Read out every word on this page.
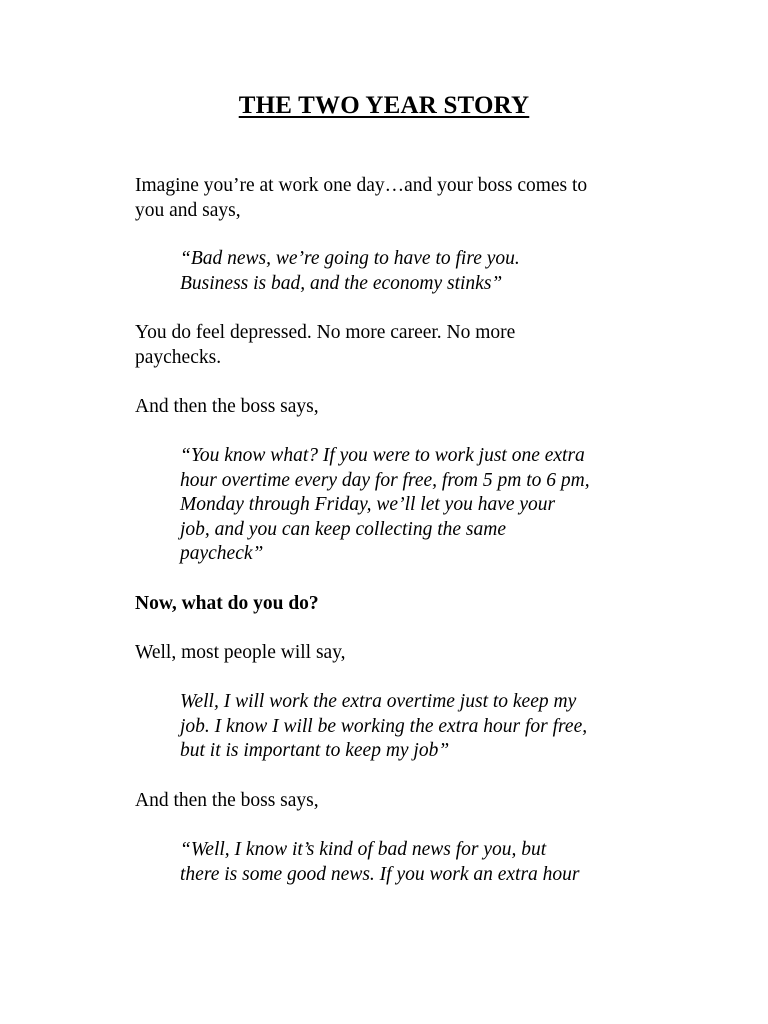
THE TWO YEAR STORY

Imagine you’re at work one day…and your boss comes to
you and says,

“Bad news, we’re going to have to fire you.
Business is bad, and the economy stinks”

You do feel depressed. No more career. No more
paychecks.

And then the boss says,

“You know what? If you were to work just one extra
hour overtime every day for free, from 5 pm to 6 pm,
Monday through Friday, we’ll let you have your
job, and you can keep collecting the same
paycheck”

Now, what do you do?

Well, most people will say,

Well, I will work the extra overtime just to keep my
job. I know I will be working the extra hour for free,
but it is important to keep my job”

And then the boss says,

“Well, I know it’s kind of bad news for you, but
there is some good news. If you work an extra hour
